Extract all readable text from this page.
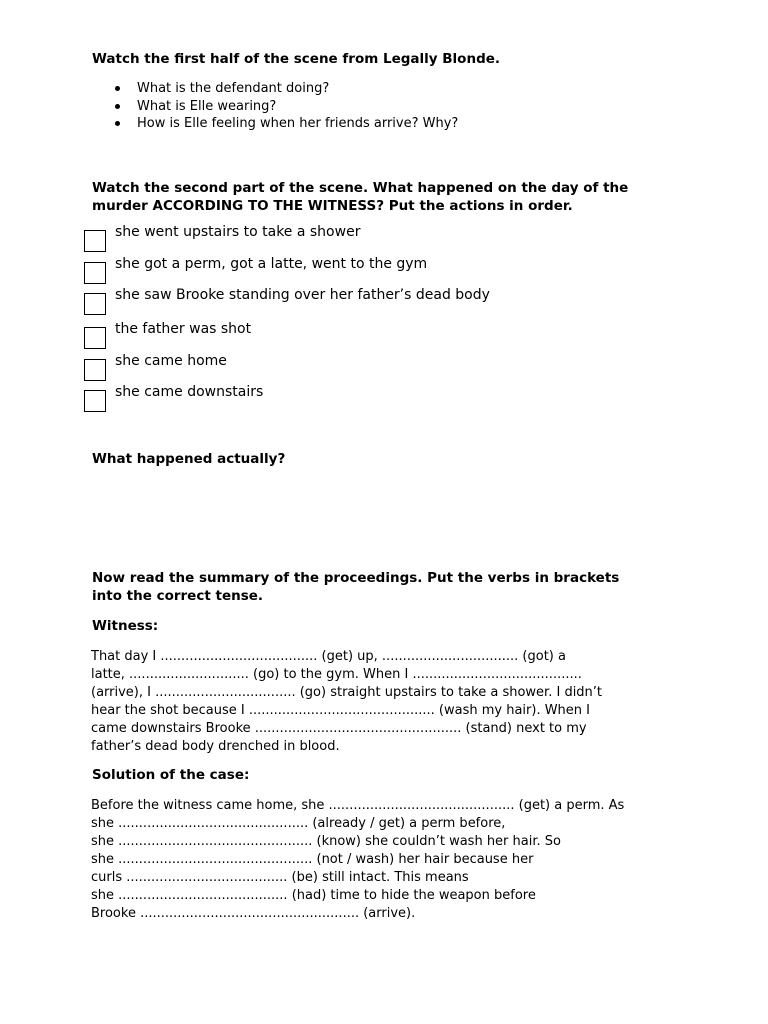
Watch the first half of the scene from Legally Blonde.
What is the defendant doing?
What is Elle wearing?
How is Elle feeling when her friends arrive? Why?
Watch the second part of the scene. What happened on the day of the
murder ACCORDING TO THE WITNESS? Put the actions in order.
she went upstairs to take a shower
she got a perm, got a latte, went to the gym
she saw Brooke standing over her father’s dead body
the father was shot
she came home
she came downstairs
What happened actually?
Now read the summary of the proceedings. Put the verbs in brackets
into the correct tense.
Witness:
That day I ...................................... (get) up, ................................. (got) a
latte, ............................. (go) to the gym. When I .........................................
(arrive), I .................................. (go) straight upstairs to take a shower. I didn’t
hear the shot because I ............................................. (wash my hair). When I
came downstairs Brooke .................................................. (stand) next to my
father’s dead body drenched in blood.
Solution of the case:
Before the witness came home, she ............................................. (get) a perm. As
she .............................................. (already / get) a perm before,
she ............................................... (know) she couldn’t wash her hair. So
she ............................................... (not / wash) her hair because her
curls ....................................... (be) still intact. This means
she ......................................... (had) time to hide the weapon before
Brooke ..................................................... (arrive).
